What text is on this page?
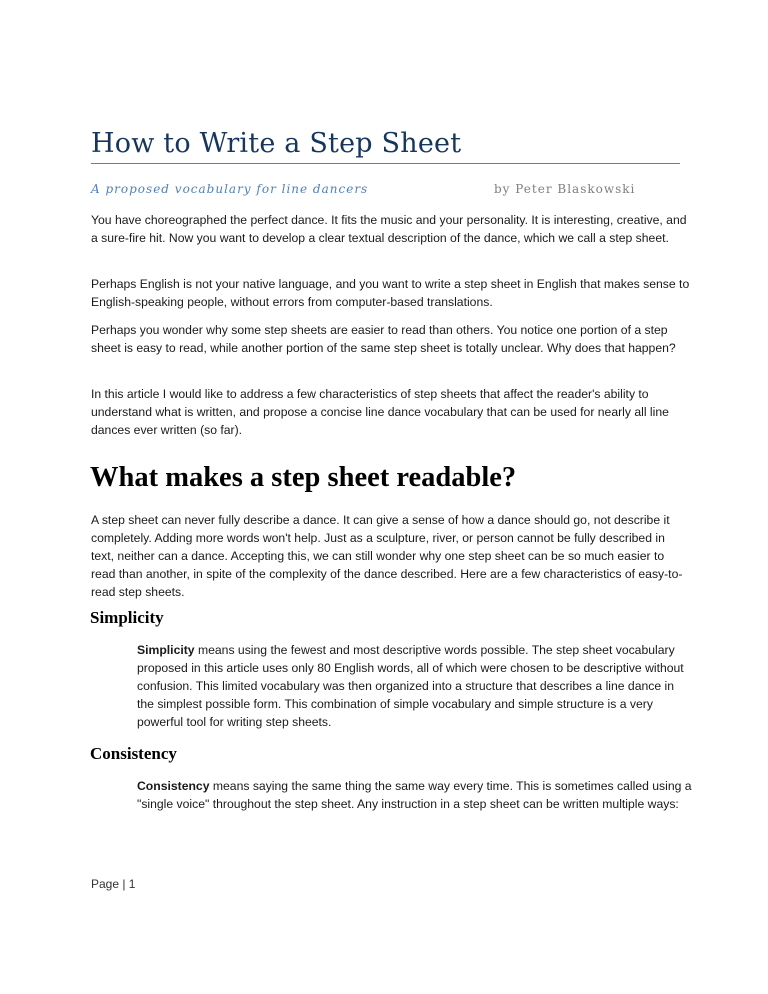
How to Write a Step Sheet
A proposed vocabulary for line dancers	by Peter Blaskowski

You have choreographed the perfect dance. It fits the music and your personality. It is interesting, creative, and a sure-fire hit. Now you want to develop a clear textual description of the dance, which we call a step sheet.

Perhaps English is not your native language, and you want to write a step sheet in English that makes sense to English-speaking people, without errors from computer-based translations.

Perhaps you wonder why some step sheets are easier to read than others. You notice one portion of a step sheet is easy to read, while another portion of the same step sheet is totally unclear. Why does that happen?

In this article I would like to address a few characteristics of step sheets that affect the reader's ability to understand what is written, and propose a concise line dance vocabulary that can be used for nearly all line dances ever written (so far).

What makes a step sheet readable?

A step sheet can never fully describe a dance. It can give a sense of how a dance should go, not describe it completely. Adding more words won't help. Just as a sculpture, river, or person cannot be fully described in text, neither can a dance. Accepting this, we can still wonder why one step sheet can be so much easier to read than another, in spite of the complexity of the dance described. Here are a few characteristics of easy-to-read step sheets.

Simplicity

Simplicity means using the fewest and most descriptive words possible. The step sheet vocabulary proposed in this article uses only 80 English words, all of which were chosen to be descriptive without confusion. This limited vocabulary was then organized into a structure that describes a line dance in the simplest possible form. This combination of simple vocabulary and simple structure is a very powerful tool for writing step sheets.

Consistency

Consistency means saying the same thing the same way every time. This is sometimes called using a "single voice" throughout the step sheet. Any instruction in a step sheet can be written multiple ways:

Page | 1
